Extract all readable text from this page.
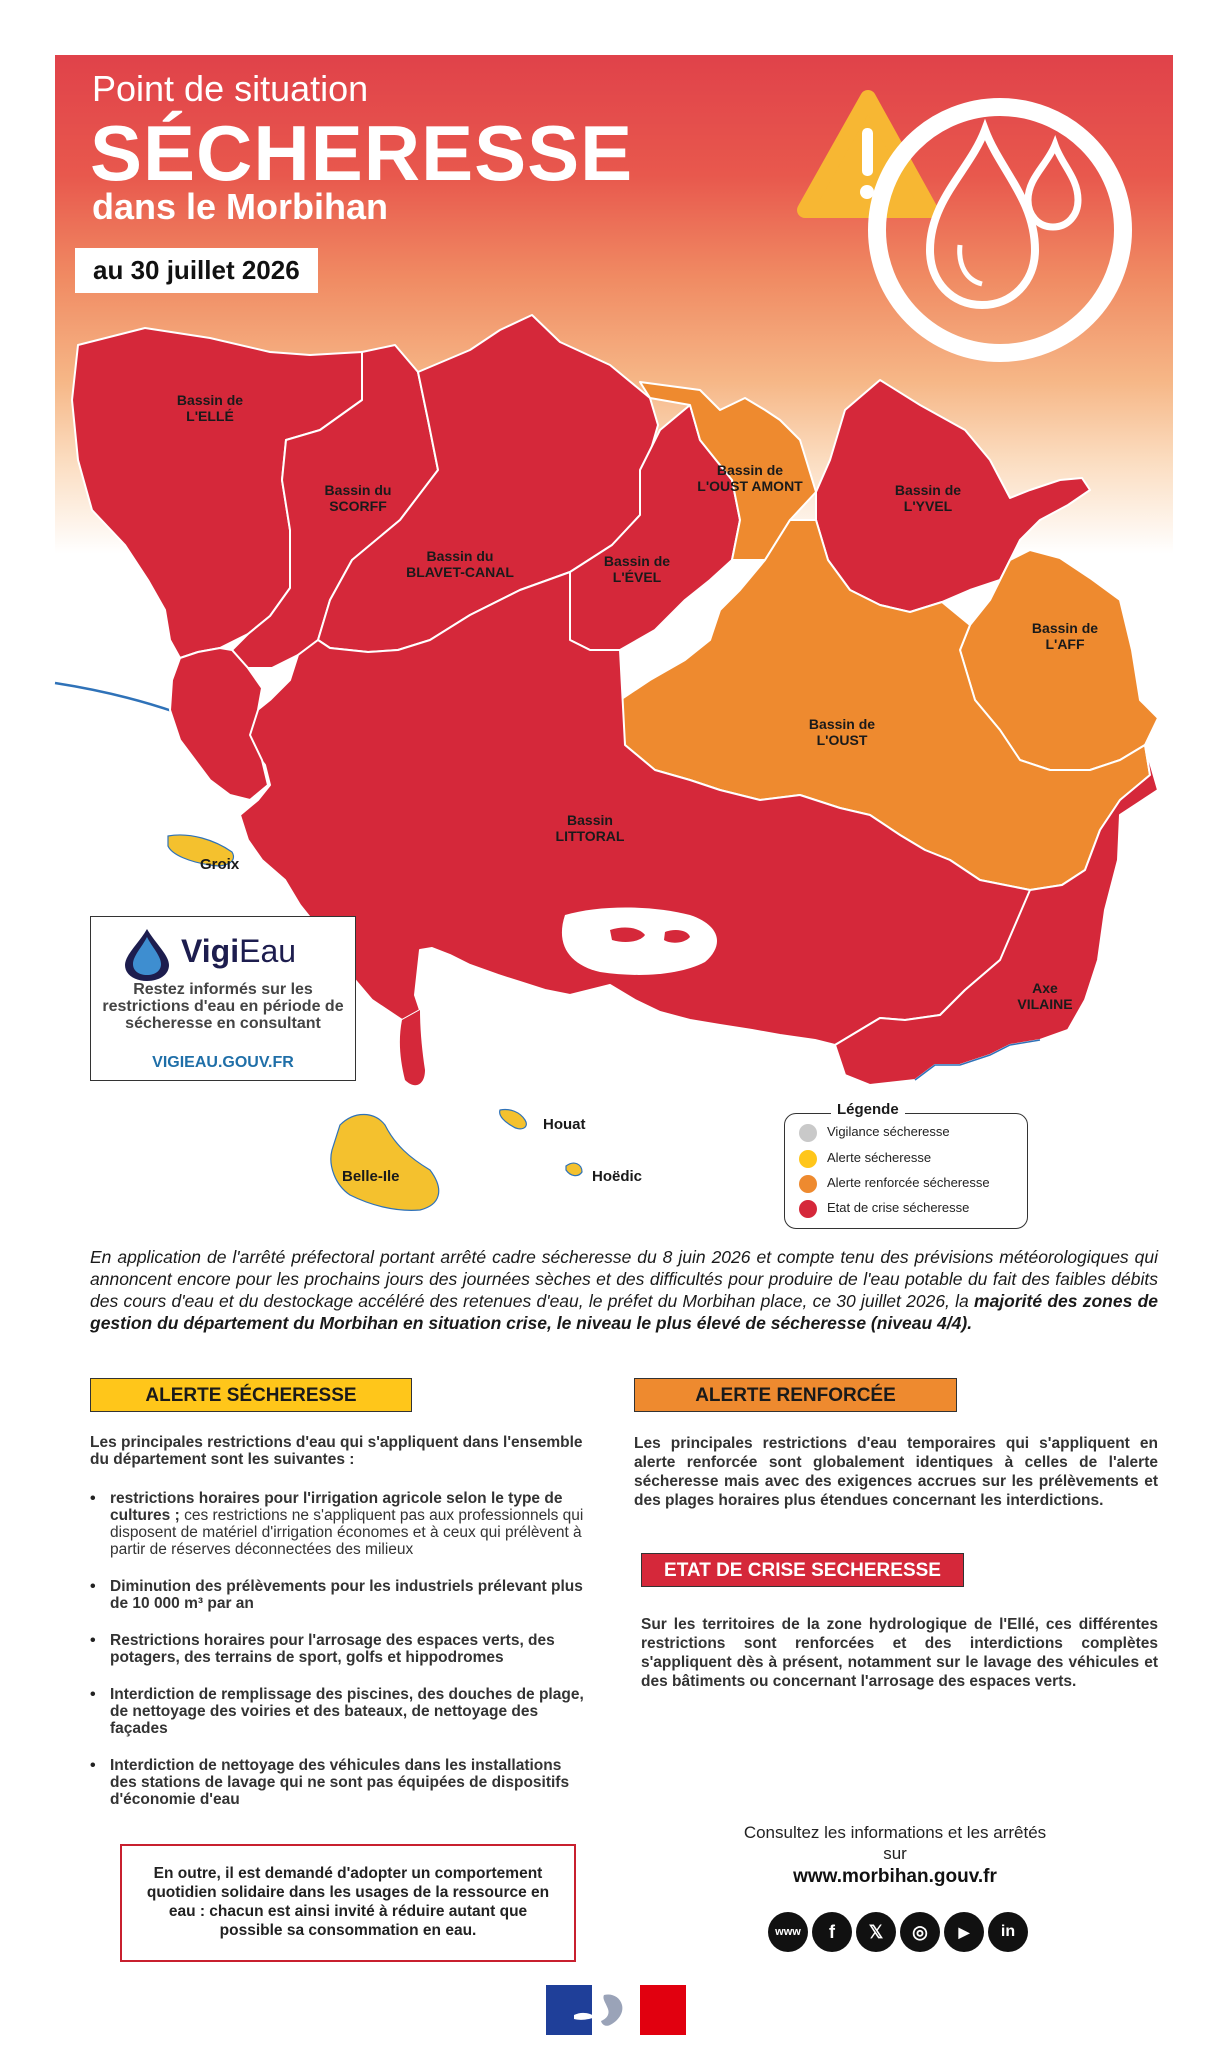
Point de situation
SÉCHERESSE
dans le Morbihan
au 30 juillet 2026
Bassin de
L'ELLÉ
Bassin du
SCORFF
Bassin du
BLAVET-CANAL
Bassin de
L'ÉVEL
Bassin de
L'OUST AMONT	Bassin de
L'YVEL
Bassin de
L'AFF
Bassin de
L'OUST
Bassin
LITTORAL
Axe
VILAINE
Groix
Belle-Ile
Houat
Hoëdic
VigiEau
Restez informés sur les restrictions d'eau en période de sécheresse en consultant
VIGIEAU.GOUV.FR
Vigilance sécheresse
Alerte sécheresse
Alerte renforcée sécheresse
Etat de crise sécheresse
Légende
En application de l'arrêté préfectoral portant arrêté cadre sécheresse du 8 juin 2026 et compte tenu des prévisions météorologiques qui annoncent encore pour les prochains jours des journées sèches et des difficultés pour produire de l'eau potable du fait des faibles débits des cours d'eau et du destockage accéléré des retenues d'eau, le préfet du Morbihan place, ce 30 juillet 2026, la majorité des zones de gestion du département du Morbihan en situation crise, le niveau le plus élevé de sécheresse (niveau 4/4).
ALERTE SÉCHERESSE	ALERTE RENFORCÉE
ETAT DE CRISE SECHERESSE

Les principales restrictions d'eau qui s'appliquent dans l'ensemble du département sont les suivantes :

• restrictions horaires pour l'irrigation agricole selon le type de cultures ; ces restrictions ne s'appliquent pas aux professionnels qui disposent de matériel d'irrigation économes et à ceux qui prélèvent à partir de réserves déconnectées des milieux
• Diminution des prélèvements pour les industriels prélevant plus de 10 000 m³ par an
• Restrictions horaires pour l'arrosage des espaces verts, des potagers, des terrains de sport, golfs et hippodromes
• Interdiction de remplissage des piscines, des douches de plage, de nettoyage des voiries et des bateaux, de nettoyage des façades
• Interdiction de nettoyage des véhicules dans les installations des stations de lavage qui ne sont pas équipées de dispositifs d'économie d'eau
Les principales restrictions d'eau temporaires qui s'appliquent en alerte renforcée sont globalement identiques à celles de l'alerte sécheresse mais avec des exigences accrues sur les prélèvements et des plages horaires plus étendues concernant les interdictions.
Sur les territoires de la zone hydrologique de l'Ellé, ces différentes restrictions sont renforcées et des interdictions complètes s'appliquent dès à présent, notamment sur le lavage des véhicules et des bâtiments ou concernant l'arrosage des espaces verts.
En outre, il est demandé d'adopter un comportement quotidien solidaire dans les usages de la ressource en eau : chacun est ainsi invité à réduire autant que possible sa consommation en eau.
Consultez les informations et les arrêtés sur
www.morbihan.gouv.fr
www	f	𝕏	◎	▶	in
